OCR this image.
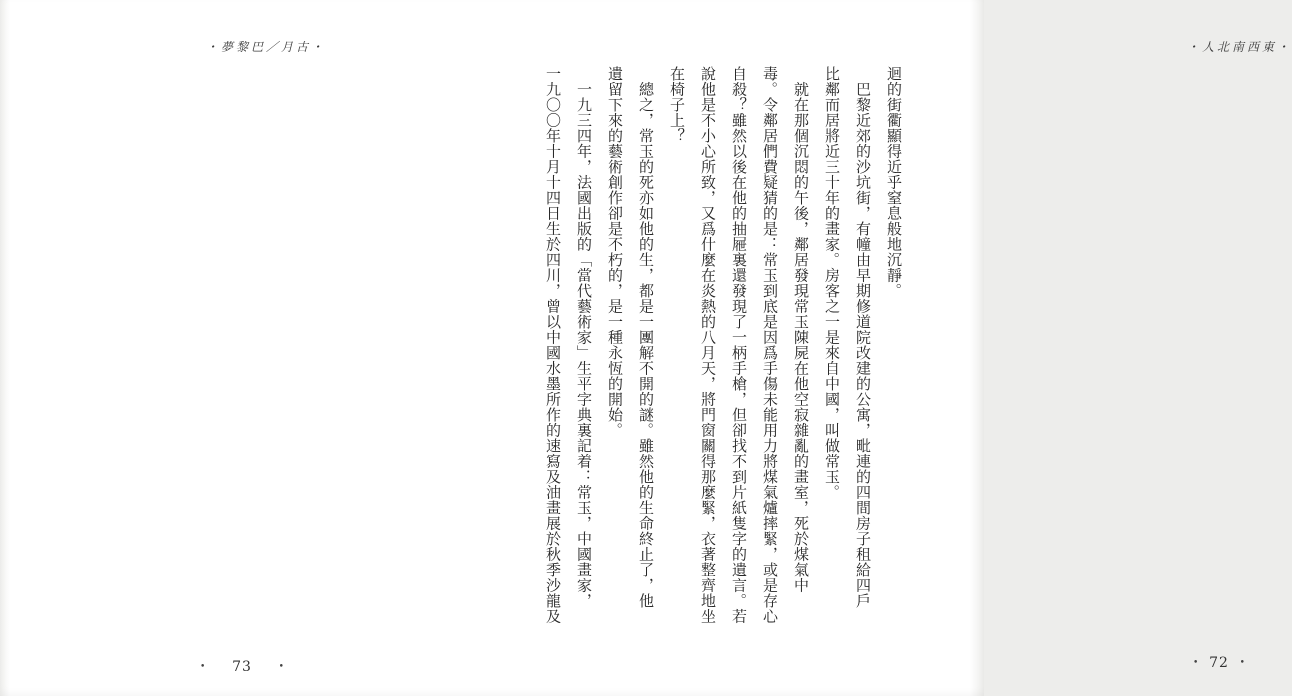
・夢黎巴／月古・
• 73	•
・人北南西東・
迴的街衢顯得近乎窒息般地沉靜。
　巴黎近郊的沙坑街，有幢由早期修道院改建的公寓，毗連的四間房子租給四戶
比鄰而居將近三十年的畫家。房客之一是來自中國，叫做常玉。
　就在那個沉悶的午後，鄰居發現常玉陳屍在他空寂雜亂的畫室，死於煤氣中
毒。令鄰居們費疑猜的是：常玉到底是因爲手傷未能用力將煤氣爐摔緊，或是存心
自殺？雖然以後在他的抽屜裏還發現了一柄手槍，但卻找不到片紙隻字的遺言。若
說他是不小心所致，又爲什麼在炎熱的八月天，將門窗關得那麼緊，衣著整齊地坐
在椅子上？
　總之，常玉的死亦如他的生，都是一團解不開的謎。雖然他的生命終止了，他
遺留下來的藝術創作卻是不朽的，是一種永恆的開始。
　一九三四年，法國出版的「當代藝術家」生平字典裏記着：常玉，中國畫家，
一九〇〇年十月十四日生於四川，曾以中國水墨所作的速寫及油畫展於秋季沙龍及
• 72 •
